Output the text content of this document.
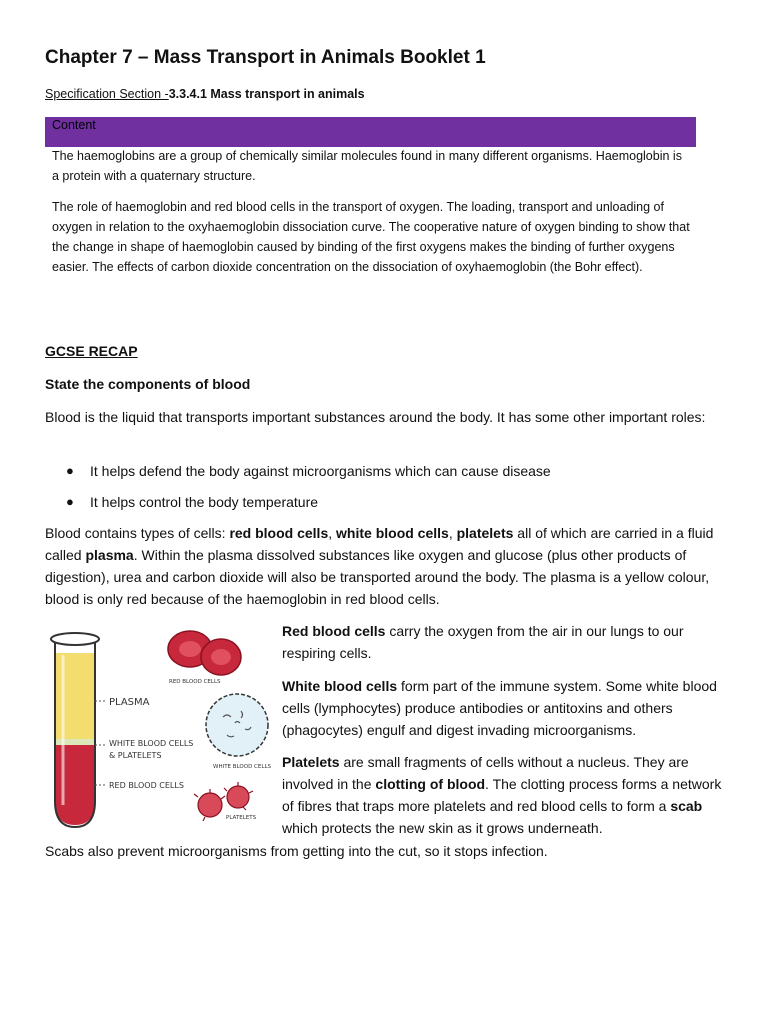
Chapter 7 – Mass Transport in Animals Booklet 1
Specification Section -3.3.4.1 Mass transport in animals
Content

The haemoglobins are a group of chemically similar molecules found in many different organisms. Haemoglobin is a protein with a quaternary structure.

The role of haemoglobin and red blood cells in the transport of oxygen. The loading, transport and unloading of oxygen in relation to the oxyhaemoglobin dissociation curve. The cooperative nature of oxygen binding to show that the change in shape of haemoglobin caused by binding of the first oxygens makes the binding of further oxygens easier. The effects of carbon dioxide concentration on the dissociation of oxyhaemoglobin (the Bohr effect).

GCSE RECAP
State the components of blood

Blood is the liquid that transports important substances around the body. It has some other important roles:

● It helps defend the body against microorganisms which can cause disease
● It helps control the body temperature

Blood contains types of cells: red blood cells, white blood cells, platelets all of which are carried in a fluid called plasma. Within the plasma dissolved substances like oxygen and glucose (plus other products of digestion), urea and carbon dioxide will also be transported around the body. The plasma is a yellow colour, blood is only red because of the haemoglobin in red blood cells.

PLASMA
WHITE BLOOD CELLS
& PLATELETS
RED BLOOD CELLS
RED BLOOD CELLS
WHITE BLOOD CELLS
PLATELETS

Red blood cells carry the oxygen from the air in our lungs to our respiring cells.

White blood cells form part of the immune system. Some white blood cells (lymphocytes) produce antibodies or antitoxins and others (phagocytes) engulf and digest invading microorganisms.

Platelets are small fragments of cells without a nucleus. They are involved in the clotting of blood. The clotting process forms a network of fibres that traps more platelets and red blood cells to form a scab which protects the new skin as it grows underneath.

Scabs also prevent microorganisms from getting into the cut, so it stops infection.
